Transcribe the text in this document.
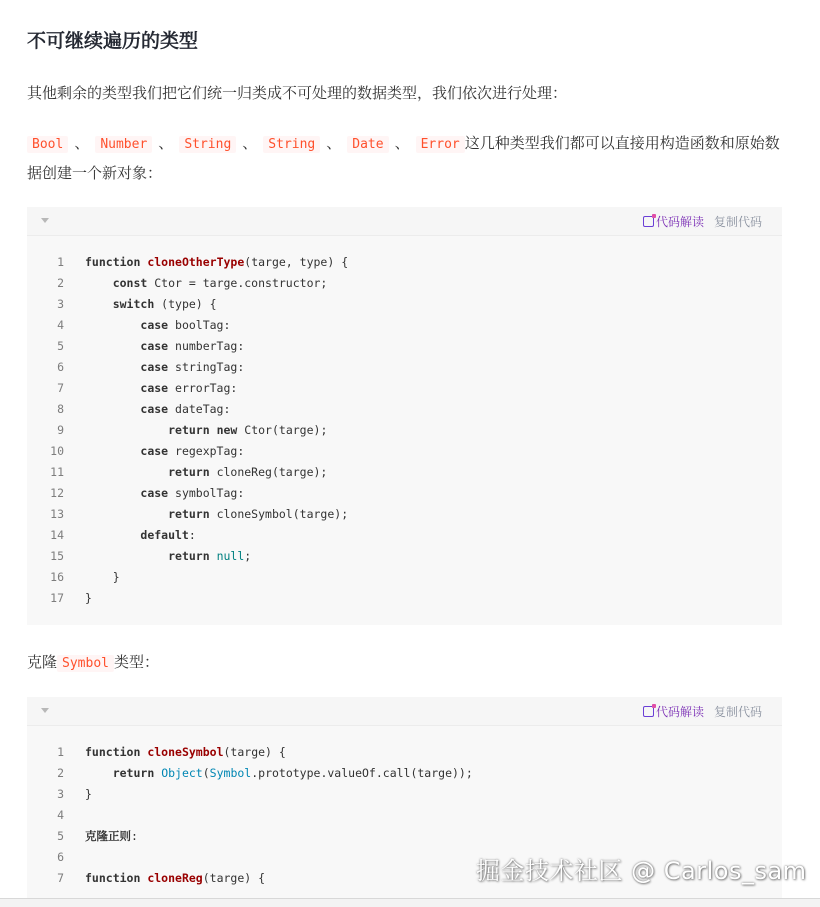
不可继续遍历的类型

其他剩余的类型我们把它们统一归类成不可处理的数据类型，我们依次进行处理：

Bool 、 Number 、 String 、 String 、 Date 、 Error 这几种类型我们都可以直接用构造函数和原始数据创建一个新对象：

代码解读 复制代码
1	function cloneOtherType(targe, type) {
2	const Ctor = targe.constructor;
3	switch (type) {
4	case boolTag:
5	case numberTag:
6	case stringTag:
7	case errorTag:
8	case dateTag:
9	return new Ctor(targe);
10	case regexpTag:
11	return cloneReg(targe);
12	case symbolTag:
13	return cloneSymbol(targe);
14	default:
15	return null;
16	}
17	}

克隆 Symbol 类型：

代码解读 复制代码
1	function cloneSymbol(targe) {
2	return Object(Symbol.prototype.valueOf.call(targe));
3	}
4
5	克隆正则:
6
7	function cloneReg(targe) {	掘金技术社区 @ Carlos_sam
